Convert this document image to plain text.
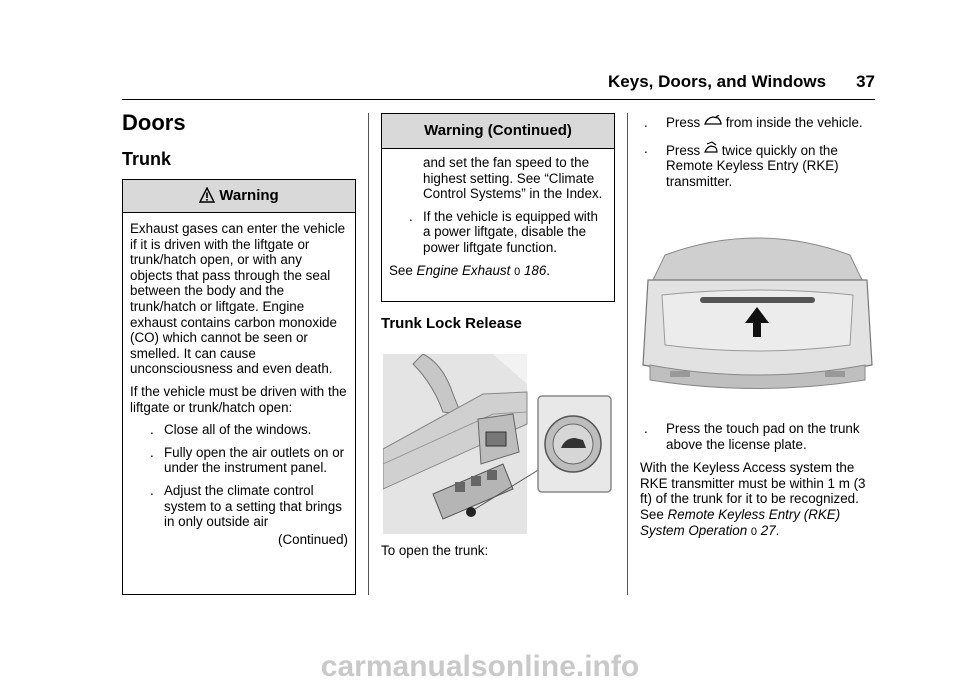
Keys, Doors, and Windows 37
Doors
Trunk
Warning

Exhaust gases can enter the vehicle if it is driven with the liftgate or trunk/hatch open, or with any objects that pass through the seal between the body and the trunk/hatch or liftgate. Engine exhaust contains carbon monoxide (CO) which cannot be seen or smelled. It can cause unconsciousness and even death.

If the vehicle must be driven with the liftgate or trunk/hatch open:

. Close all of the windows.
. Fully open the air outlets on or under the instrument panel.
. Adjust the climate control system to a setting that brings in only outside air

(Continued)

Warning (Continued)

and set the fan speed to the highest setting. See “Climate Control Systems” in the Index.

. If the vehicle is equipped with a power liftgate, disable the power liftgate function.

See Engine Exhaust 0 186.

Trunk Lock Release
To open the trunk:
. Press from inside the vehicle.
. Press twice quickly on the Remote Keyless Entry (RKE) transmitter.
. Press the touch pad on the trunk above the license plate.

With the Keyless Access system the RKE transmitter must be within 1 m (3 ft) of the trunk for it to be recognized. See Remote Keyless Entry (RKE) System Operation 0 27.

carmanualsonline.info
